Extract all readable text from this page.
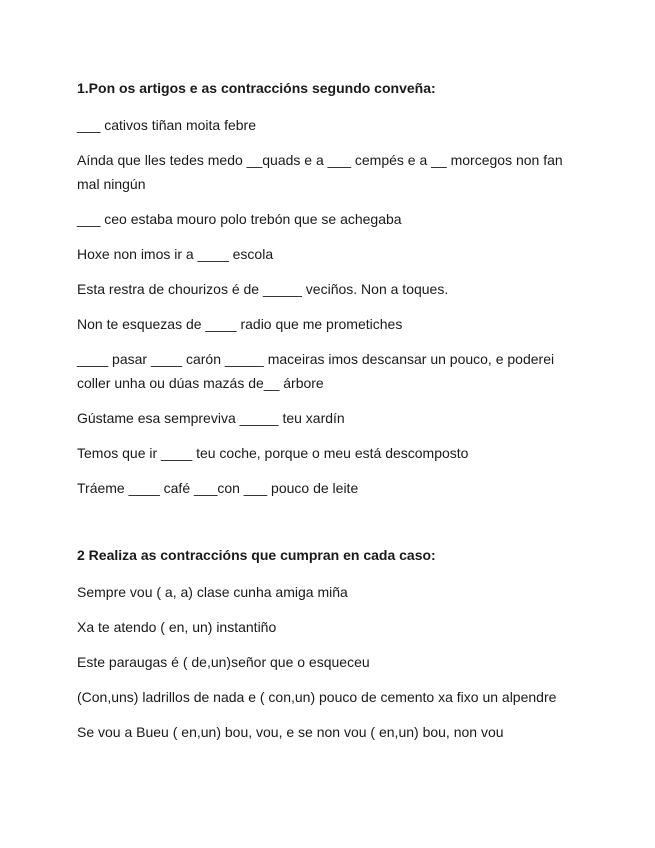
1.Pon os artigos e as contraccións segundo conveña:
___ cativos tiñan moita febre
Aínda que lles tedes medo __quads e a ___ cempés e a __ morcegos non fan mal ningún
___ ceo estaba mouro polo trebón que se achegaba
Hoxe non imos ir a ____ escola
Esta restra de chourizos é de _____ veciños. Non a toques.
Non te esquezas de ____ radio que me prometiches
____ pasar ____ carón _____ maceiras imos descansar un pouco, e poderei coller unha ou dúas mazás de__ árbore
Gústame esa sempreviva _____ teu xardín
Temos que ir ____ teu coche, porque o meu está descomposto
Tráeme ____ café ___con ___ pouco de leite
2 Realiza as contraccións que cumpran en cada caso:
Sempre vou ( a, a) clase cunha amiga miña
Xa te atendo ( en, un) instantiño
Este paraugas é ( de,un)señor que o esqueceu
(Con,uns) ladrillos de nada e ( con,un) pouco de cemento xa fixo un alpendre
Se vou a Bueu ( en,un) bou, vou, e se non vou ( en,un) bou, non vou
